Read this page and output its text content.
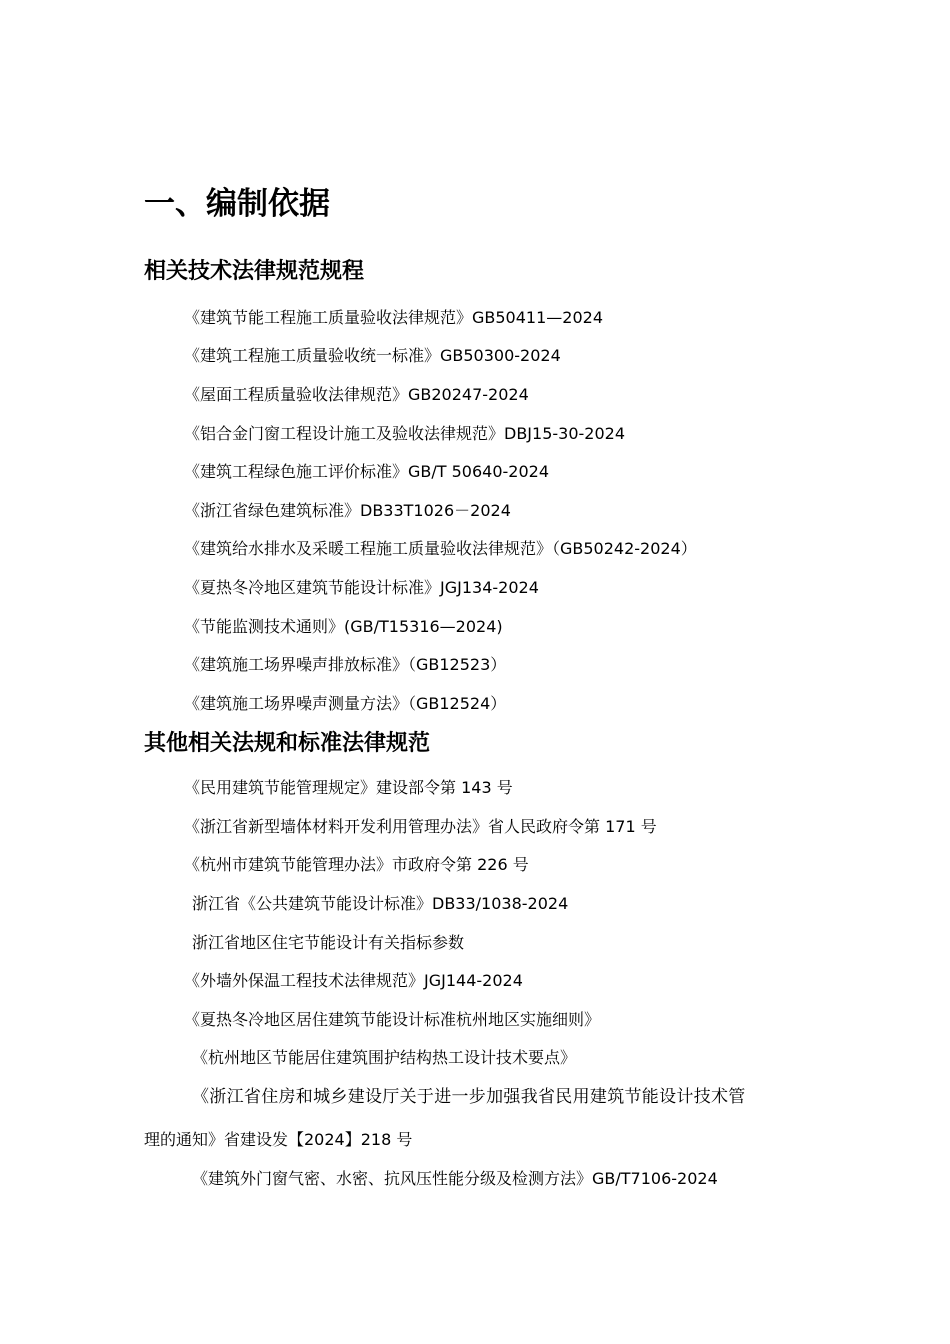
一、编制依据
相关技术法律规范规程
《建筑节能工程施工质量验收法律规范》GB50411—2024
《建筑工程施工质量验收统一标准》GB50300-2024
《屋面工程质量验收法律规范》GB20247-2024
《铝合金门窗工程设计施工及验收法律规范》DBJ15-30-2024
《建筑工程绿色施工评价标准》GB/T 50640-2024
《浙江省绿色建筑标准》DB33T1026－2024
《建筑给水排水及采暖工程施工质量验收法律规范》（GB50242-2024）
《夏热冬冷地区建筑节能设计标准》JGJ134-2024
《节能监测技术通则》(GB/T15316—2024)
《建筑施工场界噪声排放标准》（GB12523）
《建筑施工场界噪声测量方法》（GB12524）
其他相关法规和标准法律规范
《民用建筑节能管理规定》建设部令第 143 号
《浙江省新型墙体材料开发利用管理办法》省人民政府令第 171 号
《杭州市建筑节能管理办法》市政府令第 226 号
浙江省《公共建筑节能设计标准》DB33/1038-2024
浙江省地区住宅节能设计有关指标参数
《外墙外保温工程技术法律规范》JGJ144-2024
《夏热冬冷地区居住建筑节能设计标准杭州地区实施细则》
《杭州地区节能居住建筑围护结构热工设计技术要点》
《浙江省住房和城乡建设厅关于进一步加强我省民用建筑节能设计技术管
理的通知》省建设发【2024】218 号
《建筑外门窗气密、水密、抗风压性能分级及检测方法》GB/T7106-2024
